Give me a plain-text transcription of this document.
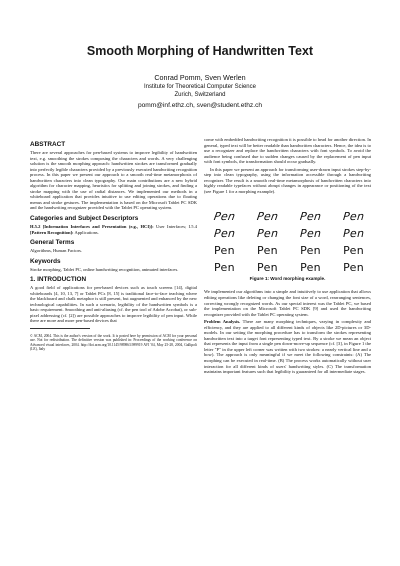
Smooth Morphing of Handwritten Text
Conrad Pomm, Sven Werlen
Institute for Theoretical Computer Science
Zurich, Switzerland
pomm@inf.ethz.ch, sven@student.ethz.ch
ABSTRACT

There are several approaches for pen-based systems to improve legibility of handwritten text, e.g. smoothing the strokes composing the characters and words. A very challenging solution is the smooth morphing approach: handwritten strokes are transformed gradually into perfectly legible characters provided by a previously executed handwriting recognition process. In this paper we present our approach to a smooth real-time metamorphosis of handwritten characters into clean typography. Our main contributions are a new hybrid algorithm for character mapping, heuristics for splitting and joining strokes, and finding a stroke mapping with the use of radial distances. We implemented our methods in a whiteboard application that provides intuitive to use editing operations due to floating menus and stroke gestures. The implementation is based on the Microsoft Tablet PC SDK and the handwriting recognizer provided with the Tablet PC operating system.

Categories and Subject Descriptors

H.5.2 [Information Interfaces and Presentation (e.g., HCI)]: User Interfaces; I.5.4 [Pattern Recognition]: Applications.

General Terms

Algorithms, Human Factors.

Keywords

Stroke morphing, Tablet PC, online handwriting recognition, animated interfaces.

1. INTRODUCTION

A good field of applications for pen-based devices such as touch screens [14], digital whiteboards [4, 10, 13, 7] or Tablet PCs [8, 15] is traditional face-to-face teaching where the blackboard and chalk metaphor is still present, but augmented and enhanced by the new technological capabilities. In such a scenario, legibility of the handwritten symbols is a basic requirement. Smoothing and anti-aliasing (cf. the pen tool of Adobe Acrobat), or sub-pixel addressing (cf. [2]) are possible approaches to improve legibility of pen input. While there are more and more pen-based devices that

© ACM, 2004. This is the author's version of the work. It is posted here by permission of ACM for your personal use. Not for redistribution. The definitive version was published in: Proceedings of the working conference on Advanced visual interfaces, 2004. http://doi.acm.org/10.1145/989863.989919 AVI '04, May 25-28, 2004, Gallipoli (LE), Italy

come with embedded handwriting recognition it is possible to head for another direction. In general, typed text will be better readable than handwritten characters. Hence, the idea is to use a recognizer and replace the handwritten characters with font symbols. To avoid the audience being confused due to sudden changes caused by the replacement of pen input with font symbols, the transformation should occur gradually.

In this paper we present an approach for transforming user-drawn input strokes step-by-step into clean typography, using the information accessible through a handwriting recognizer. The result is a smooth real-time metamorphosis of handwritten characters into highly readable typefaces without abrupt changes in appearance or positioning of the text (see Figure 1 for a morphing example).

Pen Pen Pen Pen
Pen Pen Pen Pen
Pen Pen Pen Pen
Pen Pen Pen Pen
Figure 1: Word morphing example.

We implemented our algorithms into a simple and intuitively to use application that allows editing operations like deleting or changing the font size of a word, rearranging sentences, correcting wrongly recognized words. As our special interest was the Tablet PC, we based the implementation on the Microsoft Tablet PC SDK [9] and used the handwriting recognizer provided with the Tablet PC operating system.

Problem Analysis. There are many morphing techniques, varying in complexity and efficiency, and they are applied to all different kinds of objects like 2D-pictures or 3D-models. In our setting the morphing procedure has to transform the strokes representing handwritten text into a target font representing typed text. By a stroke we mean an object that represents the input from a single pen down-move-up sequence (cf. [3], in Figure 1 the letter "P" in the upper left corner was written with two strokes: a nearly vertical line and a bow). The approach is only meaningful if we meet the following constraints: (A) The morphing can be executed in real-time. (B) The process works automatically without user interaction for all different kinds of users' handwriting styles. (C) The transformation maintains important features such that legibility is guaranteed for all intermediate stages.
